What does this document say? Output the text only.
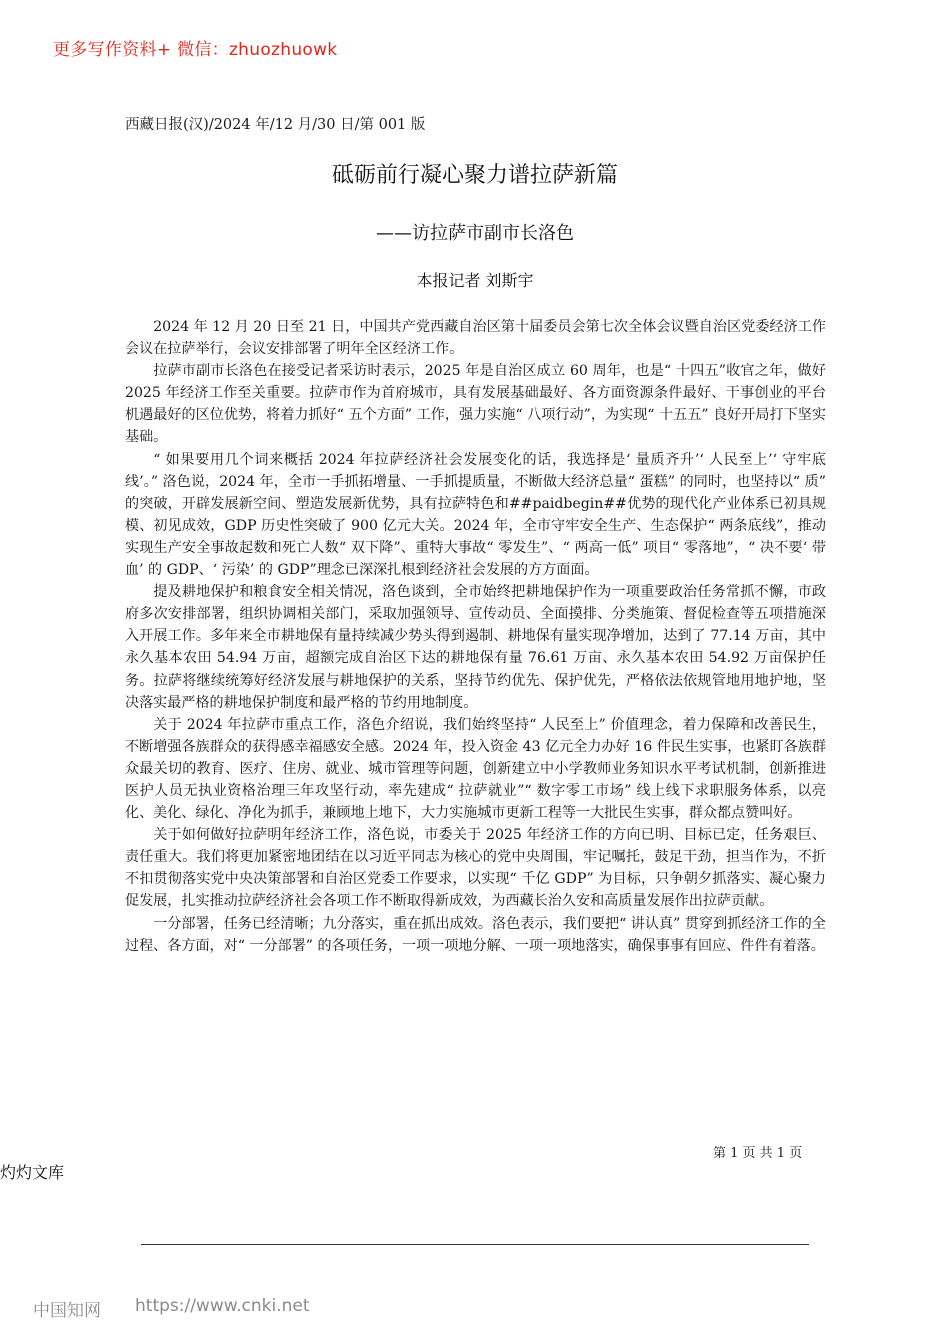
更多写作资料+ 微信：zhuozhuowk
西藏日报(汉)/2024 年/12 月/30 日/第 001 版
砥砺前行凝心聚力谱拉萨新篇
——访拉萨市副市长洛色
本报记者 刘斯宇

2024 年 12 月 20 日至 21 日，中国共产党西藏自治区第十届委员会第七次全体会议暨自治区党委经济工作会议在拉萨举行，会议安排部署了明年全区经济工作。

拉萨市副市长洛色在接受记者采访时表示，2025 年是自治区成立 60 周年，也是“ 十四五”收官之年，做好 2025 年经济工作至关重要。拉萨市作为首府城市，具有发展基础最好、各方面资源条件最好、干事创业的平台机遇最好的区位优势，将着力抓好“ 五个方面” 工作，强力实施“ 八项行动”，为实现“ 十五五” 良好开局打下坚实基础。

“ 如果要用几个词来概括 2024 年拉萨经济社会发展变化的话，我选择是‘ 量质齐升’‘ 人民至上’‘ 守牢底线’。” 洛色说，2024 年，全市一手抓拓增量、一手抓提质量，不断做大经济总量“ 蛋糕” 的同时，也坚持以“ 质” 的突破，开辟发展新空间、塑造发展新优势，具有拉萨特色和##paidbegin##优势的现代化产业体系已初具规模、初见成效，GDP 历史性突破了 900 亿元大关。2024 年，全市守牢安全生产、生态保护“ 两条底线”，推动实现生产安全事故起数和死亡人数“ 双下降”、重特大事故“ 零发生”、“ 两高一低” 项目“ 零落地”，“ 决不要‘ 带血’ 的 GDP、‘ 污染’ 的 GDP”理念已深深扎根到经济社会发展的方方面面。

提及耕地保护和粮食安全相关情况，洛色谈到，全市始终把耕地保护作为一项重要政治任务常抓不懈，市政府多次安排部署，组织协调相关部门，采取加强领导、宣传动员、全面摸排、分类施策、督促检查等五项措施深入开展工作。多年来全市耕地保有量持续减少势头得到遏制、耕地保有量实现净增加，达到了 77.14 万亩，其中永久基本农田 54.94 万亩，超额完成自治区下达的耕地保有量 76.61 万亩、永久基本农田 54.92 万亩保护任务。拉萨将继续统筹好经济发展与耕地保护的关系，坚持节约优先、保护优先，严格依法依规管地用地护地，坚决落实最严格的耕地保护制度和最严格的节约用地制度。

关于 2024 年拉萨市重点工作，洛色介绍说，我们始终坚持“ 人民至上” 价值理念，着力保障和改善民生，不断增强各族群众的获得感幸福感安全感。2024 年，投入资金 43 亿元全力办好 16 件民生实事，也紧盯各族群众最关切的教育、医疗、住房、就业、城市管理等问题，创新建立中小学教师业务知识水平考试机制，创新推进医护人员无执业资格治理三年攻坚行动，率先建成“ 拉萨就业”“ 数字零工市场” 线上线下求职服务体系，以亮化、美化、绿化、净化为抓手，兼顾地上地下，大力实施城市更新工程等一大批民生实事，群众都点赞叫好。

关于如何做好拉萨明年经济工作，洛色说，市委关于 2025 年经济工作的方向已明、目标已定，任务艰巨、责任重大。我们将更加紧密地团结在以习近平同志为核心的党中央周围，牢记嘱托，鼓足干劲，担当作为，不折不扣贯彻落实党中央决策部署和自治区党委工作要求，以实现“ 千亿 GDP” 为目标，只争朝夕抓落实、凝心聚力促发展，扎实推动拉萨经济社会各项工作不断取得新成效，为西藏长治久安和高质量发展作出拉萨贡献。

一分部署，任务已经清晰；九分落实，重在抓出成效。洛色表示，我们要把“ 讲认真” 贯穿到抓经济工作的全过程、各方面，对“ 一分部署” 的各项任务，一项一项地分解、一项一项地落实，确保事事有回应、件件有着落。

第 1 页 共 1 页
灼灼文库
中国知网 https://www.cnki.net
